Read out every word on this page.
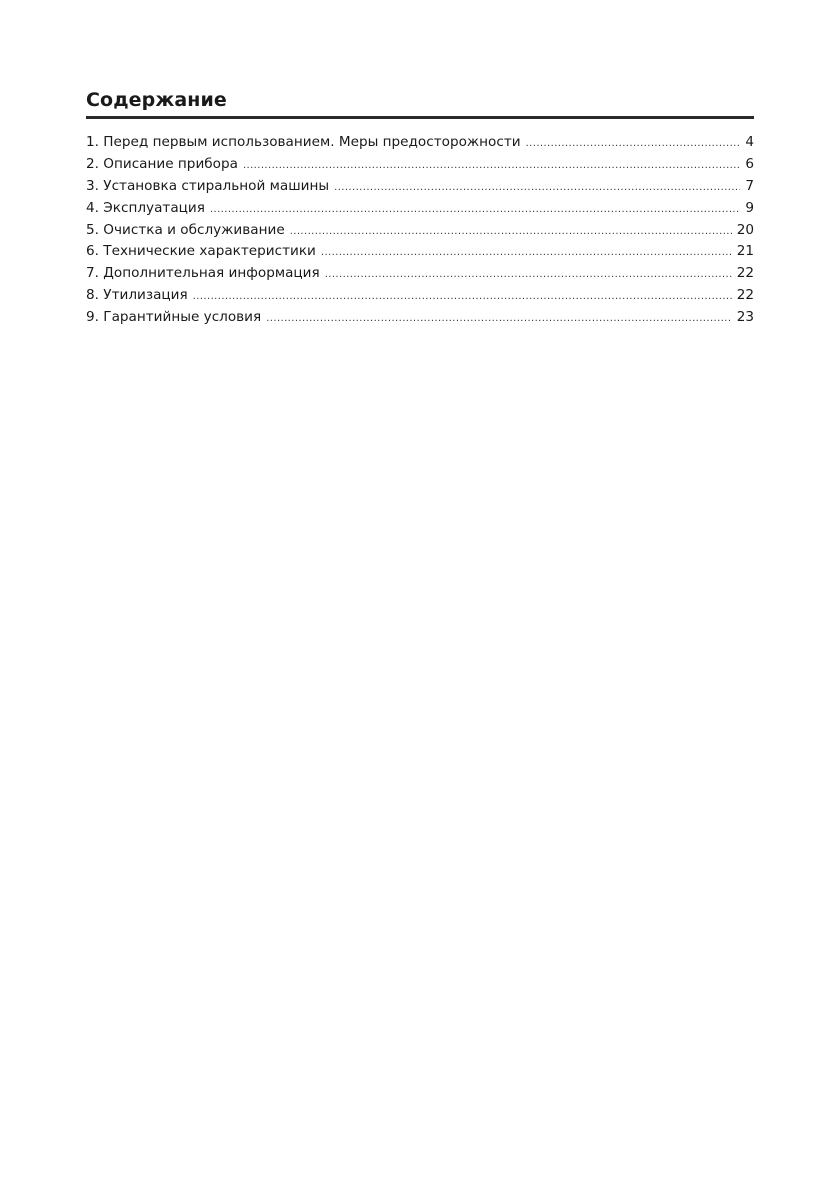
Содержание
1. Перед первым использованием. Меры предосторожности .....	4
2. Описание прибора .....	6
3. Установка стиральной машины .....	7
4. Эксплуатация .....	9
5. Очистка и обслуживание .....	20
6. Технические характеристики .....	21
7. Дополнительная информация .....	22
8. Утилизация .....	22
9. Гарантийные условия .....	23
